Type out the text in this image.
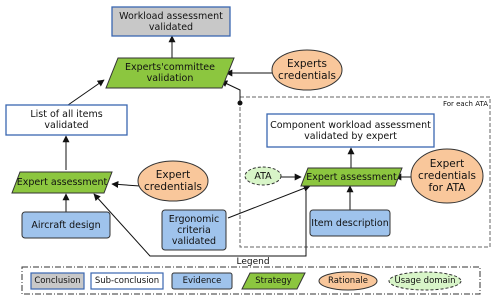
Workload assessment
validated
Experts'committee
validation
Experts
credentials
List of all items
validated	Component workload assessment
validated by expert
Expert assessment
Expert
credentials
ATA	Expert assessment
Expert
credentials
for ATA
Aircraft design
Ergonomic
criteria
validated
Item description
For each ATA
Legend
Conclusion	Sub-conclusion	Evidence	Strategy	Rationale	Usage domain
